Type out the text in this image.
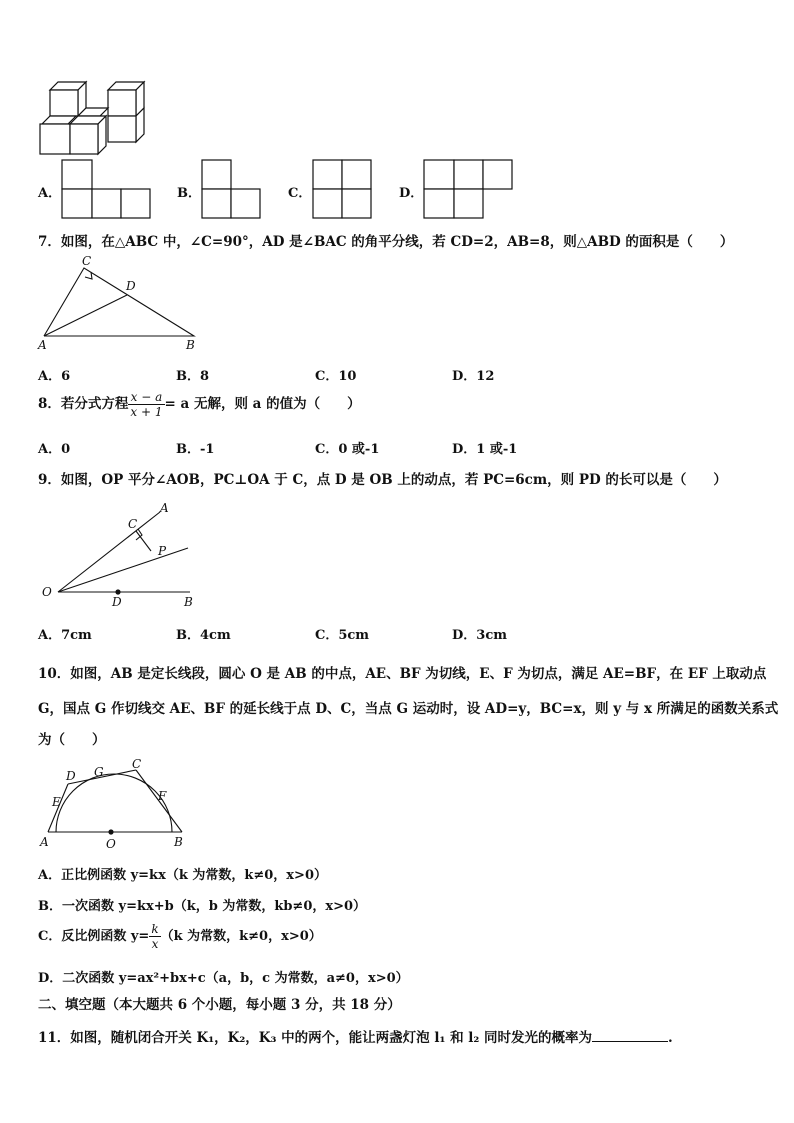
A．	B．	C．	D．
7．如图，在△ABC 中，∠C=90°，AD 是∠BAC 的角平分线，若 CD=2，AB=8，则△ABD 的面积是（　　）
C
D
A	B
A．6	B．8	C．10	D．12
8．若分式方程 $\frac{x - a}{x + 1} = a$ 无解，则 a 的值为（　　）
A．0	B．-1	C．0 或-1	D．1 或-1
9．如图，OP 平分∠AOB，PC⊥OA 于 C，点 D 是 OB 上的动点，若 PC=6cm，则 PD 的长可以是（　　）
A
C
P
O
D	B
A．7cm	B．4cm	C．5cm	D．3cm
10．如图，AB 是定长线段，圆心 O 是 AB 的中点，AE、BF 为切线，E、F 为切点，满足 AE=BF，在 EF 上取动点
G，国点 G 作切线交 AE、BF 的延长线于点 D、C，当点 G 运动时，设 AD=y，BC=x，则 y 与 x 所满足的函数关系式
为（　　）
D G
C
E	F
A	O	B
A．正比例函数 y=kx（k 为常数，k≠0，x>0）
B．一次函数 y=kx+b（k，b 为常数，kb≠0，x>0）
C．反比例函数 $y= \frac{k}{x} (k$ 为常数，k≠0，x>0）
D．二次函数 y=ax²+bx+c（a，b，c 为常数，a≠0，x>0）
二、填空题（本大题共 6 个小题，每小题 3 分，共 18 分）
11．如图，随机闭合开关 K₁，K₂，K₃ 中的两个，能让两盏灯泡 l₁ 和 l₂ 同时发光的概率为	.
